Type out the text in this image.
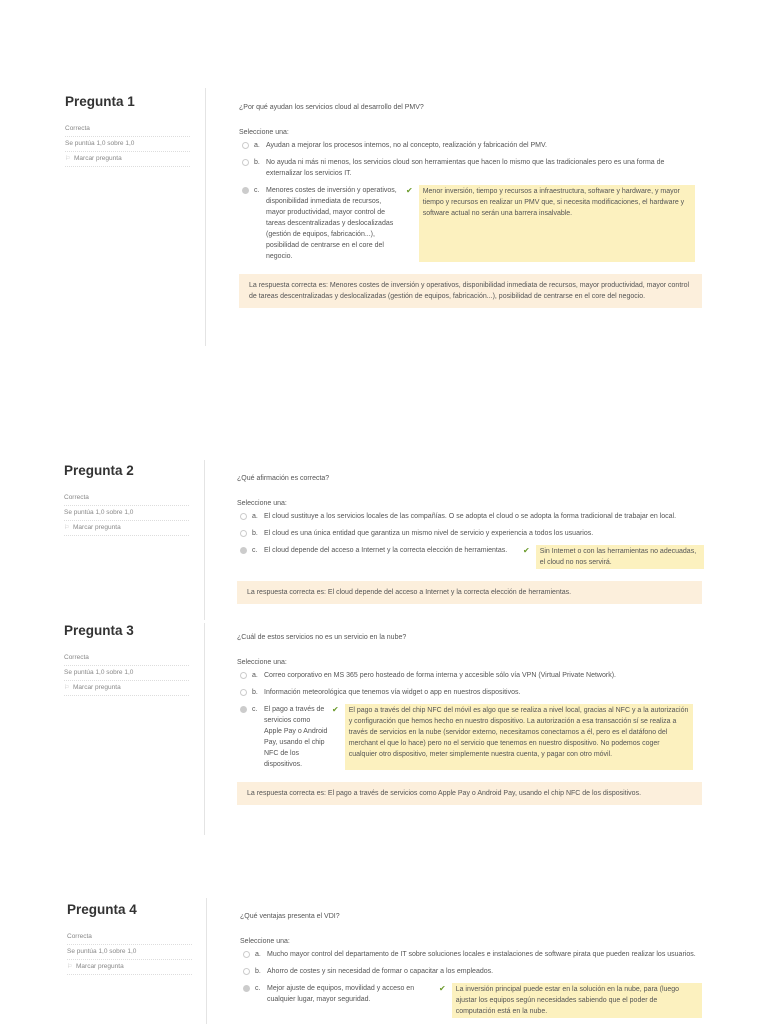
Pregunta 1
Correcta
Se puntúa 1,0 sobre 1,0
⚐ Marcar pregunta
¿Por qué ayudan los servicios cloud al desarrollo del PMV?
Seleccione una:
a. Ayudan a mejorar los procesos internos, no al concepto, realización y fabricación del PMV.
b. No ayuda ni más ni menos, los servicios cloud son herramientas que hacen lo mismo que las tradicionales pero es una forma de externalizar los servicios IT.
c. Menores costes de inversión y operativos, disponibilidad inmediata de recursos, mayor productividad, mayor control de tareas descentralizadas y deslocalizadas (gestión de equipos, fabricación...), posibilidad de centrarse en el core del negocio.
✔	Menor inversión, tiempo y recursos a infraestructura, software y hardware, y mayor tiempo y recursos en realizar un PMV que, si necesita modificaciones, el hardware y software actual no serán una barrera insalvable.
La respuesta correcta es: Menores costes de inversión y operativos, disponibilidad inmediata de recursos, mayor productividad, mayor control de tareas descentralizadas y deslocalizadas (gestión de equipos, fabricación...), posibilidad de centrarse en el core del negocio.
Pregunta 2
Correcta
Se puntúa 1,0 sobre 1,0
⚐ Marcar pregunta
¿Qué afirmación es correcta?
Seleccione una:
a. El cloud sustituye a los servicios locales de las compañías. O se adopta el cloud o se adopta la forma tradicional de trabajar en local.
b. El cloud es una única entidad que garantiza un mismo nivel de servicio y experiencia a todos los usuarios.
c. El cloud depende del acceso a Internet y la correcta elección de herramientas.	✔	Sin Internet o con las herramientas no adecuadas, el cloud no nos servirá.
La respuesta correcta es: El cloud depende del acceso a Internet y la correcta elección de herramientas.
Pregunta 3
Correcta
Se puntúa 1,0 sobre 1,0
⚐ Marcar pregunta
¿Cuál de estos servicios no es un servicio en la nube?
Seleccione una:
a. Correo corporativo en MS 365 pero hosteado de forma interna y accesible sólo vía VPN (Virtual Private Network).
b. Información meteorológica que tenemos vía widget o app en nuestros dispositivos.
c. El pago a través de servicios como Apple Pay o Android Pay, usando el chip NFC de los dispositivos.
✔	El pago a través del chip NFC del móvil es algo que se realiza a nivel local, gracias al NFC y a la autorización y configuración que hemos hecho en nuestro dispositivo. La autorización a esa transacción sí se realiza a través de servicios en la nube (servidor externo, necesitamos conectarnos a él, pero es el datáfono del merchant el que lo hace) pero no el servicio que tenemos en nuestro dispositivo. No podemos coger cualquier otro dispositivo, meter simplemente nuestra cuenta, y pagar con otro móvil.
La respuesta correcta es: El pago a través de servicios como Apple Pay o Android Pay, usando el chip NFC de los dispositivos.
Pregunta 4
Correcta
Se puntúa 1,0 sobre 1,0
⚐ Marcar pregunta
¿Qué ventajas presenta el VDI?
Seleccione una:
a. Mucho mayor control del departamento de IT sobre soluciones locales e instalaciones de software pirata que pueden realizar los usuarios.
b. Ahorro de costes y sin necesidad de formar o capacitar a los empleados.
c. Mejor ajuste de equipos, movilidad y acceso en cualquier lugar, mayor seguridad.
✔	La inversión principal puede estar en la solución en la nube, para (luego ajustar los equipos según necesidades sabiendo que el poder de computación está en la nube.
